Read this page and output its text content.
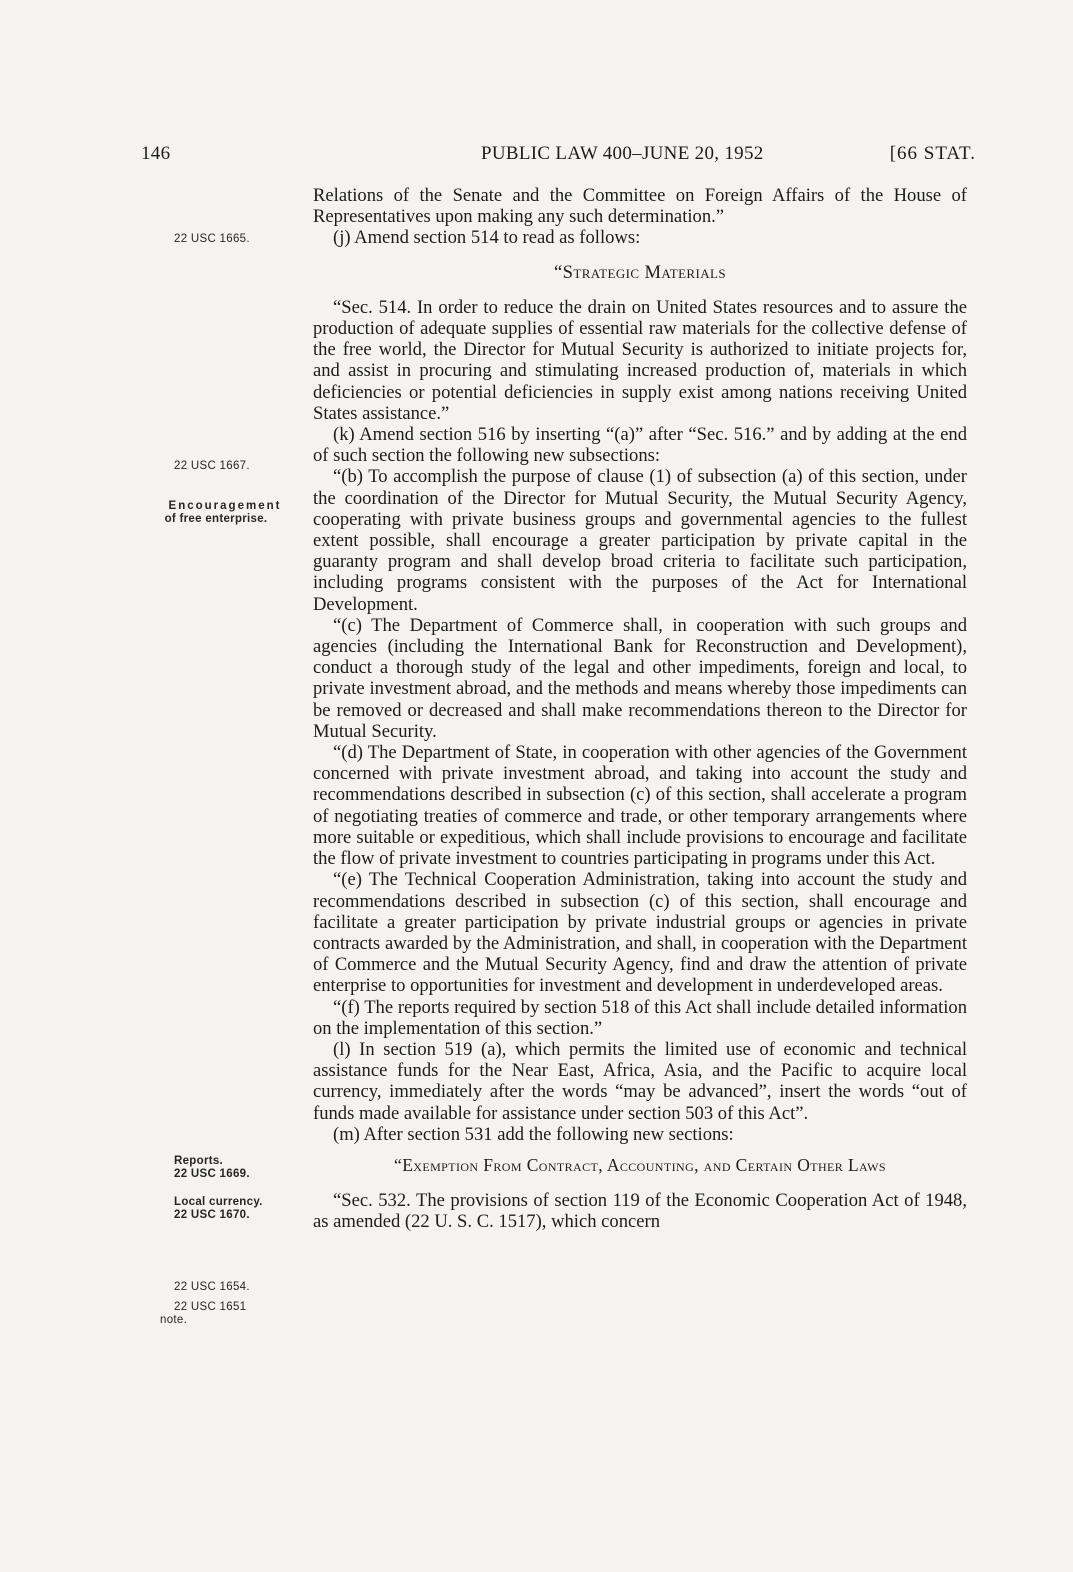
146	PUBLIC LAW 400–JUNE 20, 1952	[66 STAT.
22 USC 1665.
22 USC 1667.
Encouragement
of free enterprise.
Reports.
22 USC 1669.
Local currency.
22 USC 1670.
22 USC 1654.
22 USC 1651
note.

Relations of the Senate and the Committee on Foreign Affairs of the House of Representatives upon making any such determination.”

(j) Amend section 514 to read as follows:

“Strategic Materials

“Sec. 514. In order to reduce the drain on United States resources and to assure the production of adequate supplies of essential raw materials for the collective defense of the free world, the Director for Mutual Security is authorized to initiate projects for, and assist in procuring and stimulating increased production of, materials in which deficiencies or potential deficiencies in supply exist among nations receiving United States assistance.”

(k) Amend section 516 by inserting “(a)” after “Sec. 516.” and by adding at the end of such section the following new subsections:

“(b) To accomplish the purpose of clause (1) of subsection (a) of this section, under the coordination of the Director for Mutual Security, the Mutual Security Agency, cooperating with private business groups and governmental agencies to the fullest extent possible, shall encourage a greater participation by private capital in the guaranty program and shall develop broad criteria to facilitate such participation, including programs consistent with the purposes of the Act for International Development.

“(c) The Department of Commerce shall, in cooperation with such groups and agencies (including the International Bank for Reconstruction and Development), conduct a thorough study of the legal and other impediments, foreign and local, to private investment abroad, and the methods and means whereby those impediments can be removed or decreased and shall make recommendations thereon to the Director for Mutual Security.

“(d) The Department of State, in cooperation with other agencies of the Government concerned with private investment abroad, and taking into account the study and recommendations described in subsection (c) of this section, shall accelerate a program of negotiating treaties of commerce and trade, or other temporary arrangements where more suitable or expeditious, which shall include provisions to encourage and facilitate the flow of private investment to countries participating in programs under this Act.

“(e) The Technical Cooperation Administration, taking into account the study and recommendations described in subsection (c) of this section, shall encourage and facilitate a greater participation by private industrial groups or agencies in private contracts awarded by the Administration, and shall, in cooperation with the Department of Commerce and the Mutual Security Agency, find and draw the attention of private enterprise to opportunities for investment and development in underdeveloped areas.

“(f) The reports required by section 518 of this Act shall include detailed information on the implementation of this section.”

(l) In section 519 (a), which permits the limited use of economic and technical assistance funds for the Near East, Africa, Asia, and the Pacific to acquire local currency, immediately after the words “may be advanced”, insert the words “out of funds made available for assistance under section 503 of this Act”.

(m) After section 531 add the following new sections:

“Exemption From Contract, Accounting, and Certain Other Laws

“Sec. 532. The provisions of section 119 of the Economic Cooperation Act of 1948, as amended (22 U. S. C. 1517), which concern
